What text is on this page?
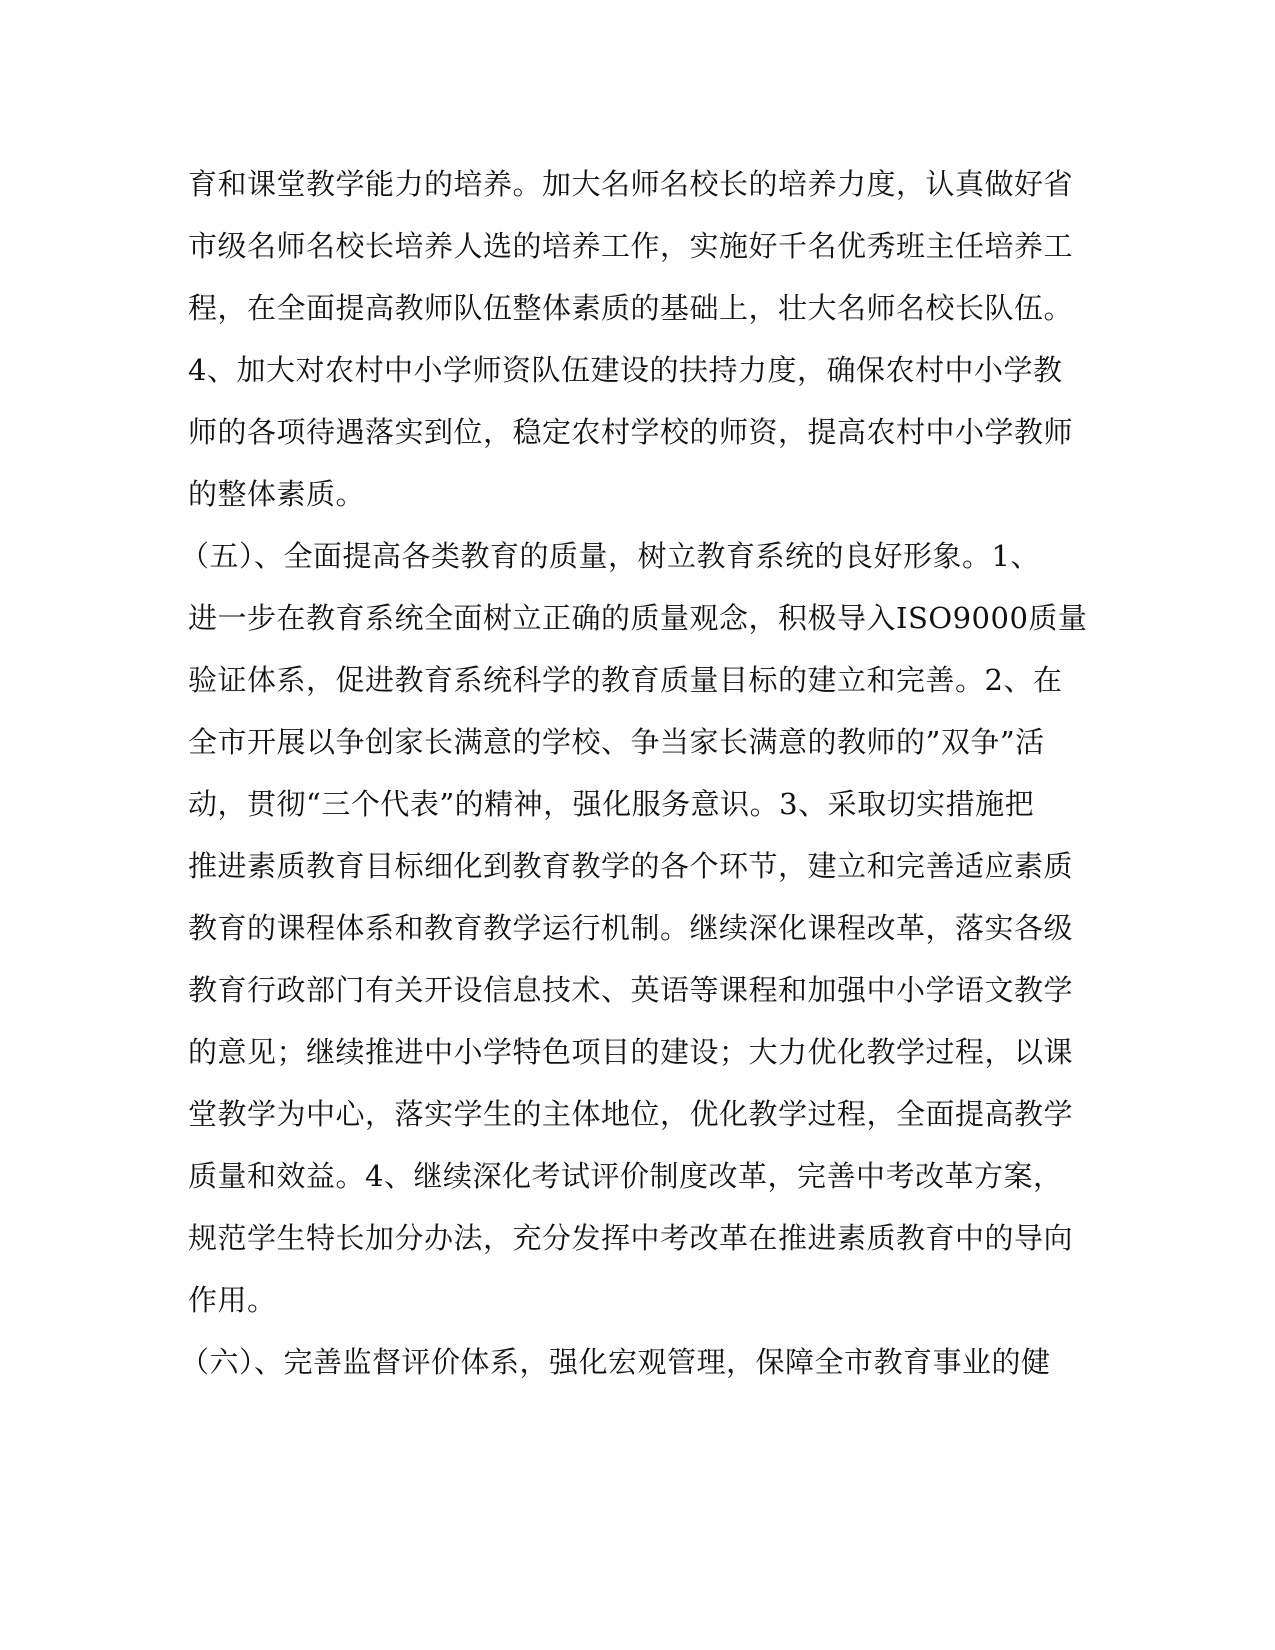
育和课堂教学能力的培养。加大名师名校长的培养力度，认真做好省
市级名师名校长培养人选的培养工作，实施好千名优秀班主任培养工
程，在全面提高教师队伍整体素质的基础上，壮大名师名校长队伍。
4、加大对农村中小学师资队伍建设的扶持力度，确保农村中小学教
师的各项待遇落实到位，稳定农村学校的师资，提高农村中小学教师
的整体素质。
（五）、全面提高各类教育的质量，树立教育系统的良好形象。1、
进一步在教育系统全面树立正确的质量观念，积极导入ISO9000质量
验证体系，促进教育系统科学的教育质量目标的建立和完善。2、在
全市开展以争创家长满意的学校、争当家长满意的教师的”双争”活
动，贯彻“三个代表”的精神，强化服务意识。3、采取切实措施把
推进素质教育目标细化到教育教学的各个环节，建立和完善适应素质
教育的课程体系和教育教学运行机制。继续深化课程改革，落实各级
教育行政部门有关开设信息技术、英语等课程和加强中小学语文教学
的意见；继续推进中小学特色项目的建设；大力优化教学过程，以课
堂教学为中心，落实学生的主体地位，优化教学过程，全面提高教学
质量和效益。4、继续深化考试评价制度改革，完善中考改革方案，
规范学生特长加分办法，充分发挥中考改革在推进素质教育中的导向
作用。
（六）、完善监督评价体系，强化宏观管理，保障全市教育事业的健
